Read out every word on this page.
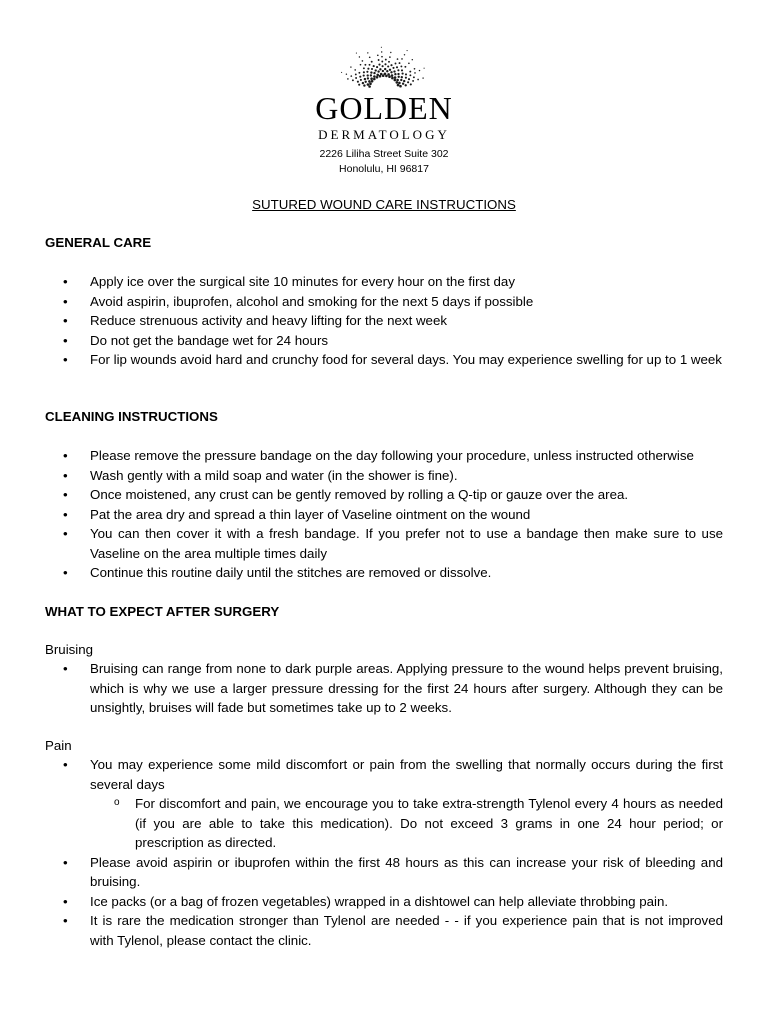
GOLDEN
DERMATOLOGY
2226 Liliha Street Suite 302
Honolulu, HI 96817
SUTURED WOUND CARE INSTRUCTIONS
GENERAL CARE
• Apply ice over the surgical site 10 minutes for every hour on the first day
• Avoid aspirin, ibuprofen, alcohol and smoking for the next 5 days if possible
• Reduce strenuous activity and heavy lifting for the next week
• Do not get the bandage wet for 24 hours
• For lip wounds avoid hard and crunchy food for several days. You may experience swelling for up to 1 week
CLEANING INSTRUCTIONS
• Please remove the pressure bandage on the day following your procedure, unless instructed otherwise
• Wash gently with a mild soap and water (in the shower is fine).
• Once moistened, any crust can be gently removed by rolling a Q-tip or gauze over the area.
• Pat the area dry and spread a thin layer of Vaseline ointment on the wound
• You can then cover it with a fresh bandage. If you prefer not to use a bandage then make sure to use Vaseline on the area multiple times daily
• Continue this routine daily until the stitches are removed or dissolve.
WHAT TO EXPECT AFTER SURGERY
Bruising
• Bruising can range from none to dark purple areas. Applying pressure to the wound helps prevent bruising, which is why we use a larger pressure dressing for the first 24 hours after surgery. Although they can be unsightly, bruises will fade but sometimes take up to 2 weeks.
Pain
• You may experience some mild discomfort or pain from the swelling that normally occurs during the first several days
o For discomfort and pain, we encourage you to take extra-strength Tylenol every 4 hours as needed (if you are able to take this medication). Do not exceed 3 grams in one 24 hour period; or prescription as directed.
• Please avoid aspirin or ibuprofen within the first 48 hours as this can increase your risk of bleeding and bruising.
• Ice packs (or a bag of frozen vegetables) wrapped in a dishtowel can help alleviate throbbing pain.
• It is rare the medication stronger than Tylenol are needed - - if you experience pain that is not improved with Tylenol, please contact the clinic.
